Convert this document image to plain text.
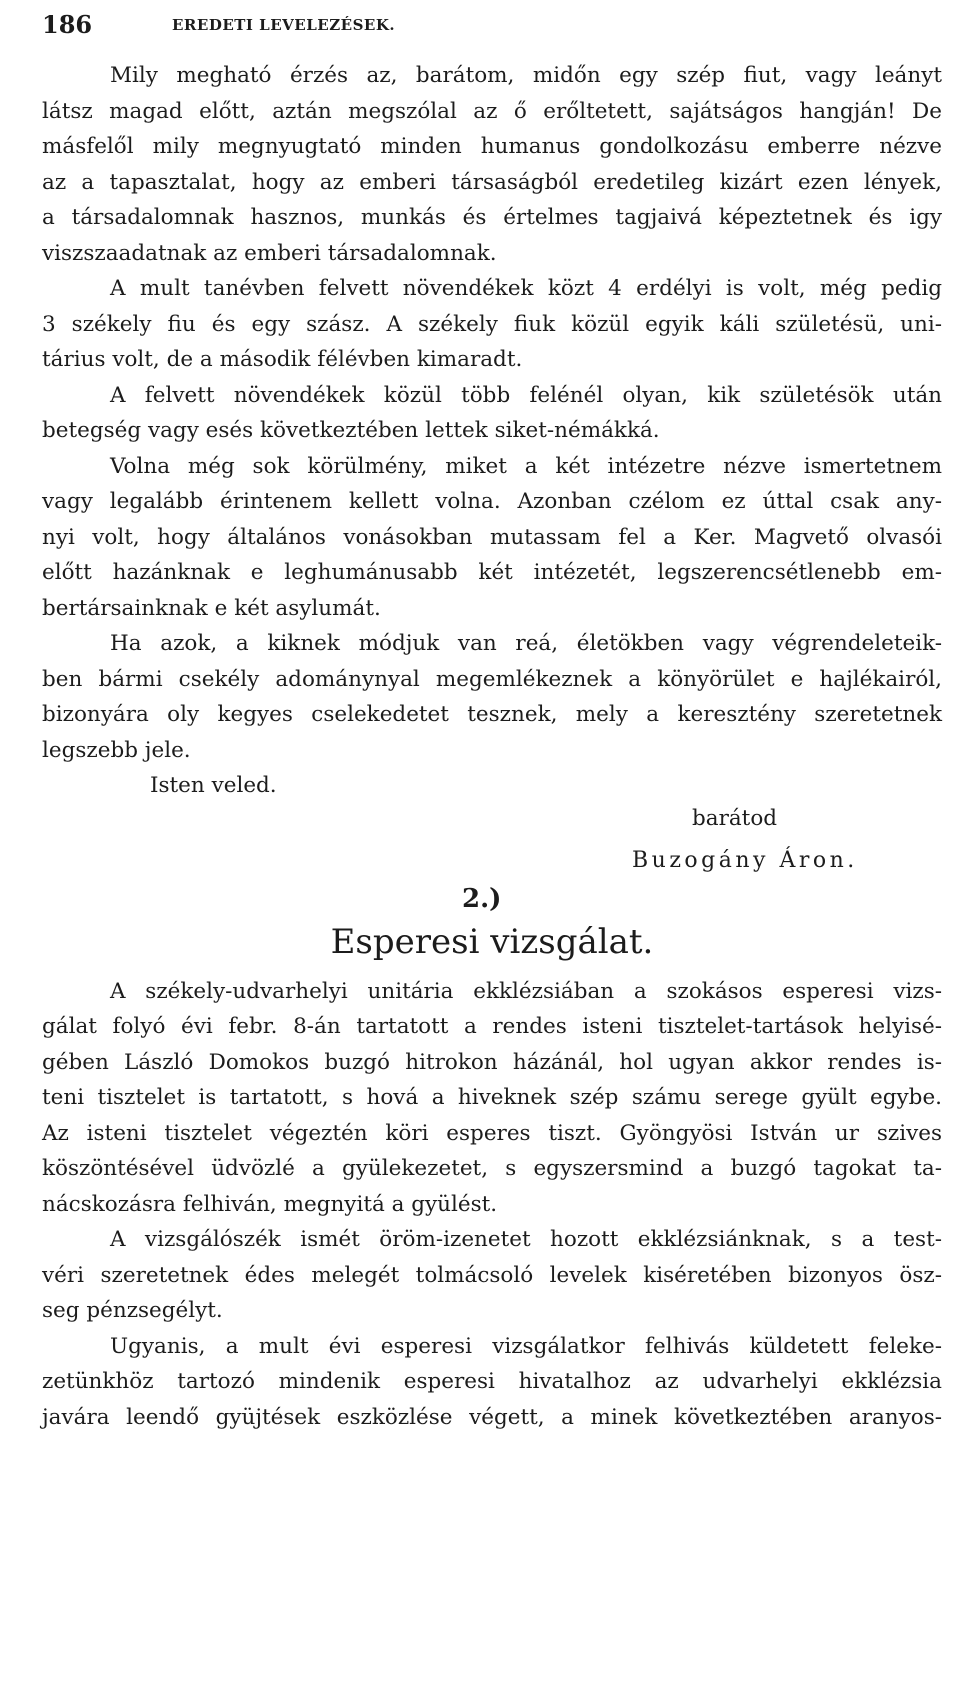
186	EREDETI LEVELEZÉSEK.
Mily megható érzés az, barátom, midőn egy szép fiut, vagy leányt
látsz magad előtt, aztán megszólal az ő erőltetett, sajátságos hangján! De
másfelől mily megnyugtató minden humanus gondolkozásu emberre nézve
az a tapasztalat, hogy az emberi társaságból eredetileg kizárt ezen lények,
a társadalomnak hasznos, munkás és értelmes tagjaivá képeztetnek és igy
viszszaadatnak az emberi társadalomnak.
A mult tanévben felvett növendékek közt 4 erdélyi is volt, még pedig
3 székely fiu és egy szász. A székely fiuk közül egyik káli születésü, uni-
tárius volt, de a második félévben kimaradt.
A felvett növendékek közül több felénél olyan, kik születésök után
betegség vagy esés következtében lettek siket-némákká.
Volna még sok körülmény, miket a két intézetre nézve ismertetnem
vagy legalább érintenem kellett volna. Azonban czélom ez úttal csak any-
nyi volt, hogy általános vonásokban mutassam fel a Ker. Magvető olvasói
előtt hazánknak e leghumánusabb két intézetét, legszerencsétlenebb em-
bertársainknak e két asylumát.
Ha azok, a kiknek módjuk van reá, életökben vagy végrendeleteik-
ben bármi csekély adománynyal megemlékeznek a könyörület e hajlékairól,
bizonyára oly kegyes cselekedetet tesznek, mely a keresztény szeretetnek
legszebb jele.
Isten veled.
barátod
Buzogány Áron.
2.)
Esperesi vizsgálat.
A székely-udvarhelyi unitária ekklézsiában a szokásos esperesi vizs-
gálat folyó évi febr. 8-án tartatott a rendes isteni tisztelet-tartások helyisé-
gében László Domokos buzgó hitrokon házánál, hol ugyan akkor rendes is-
teni tisztelet is tartatott, s hová a hiveknek szép számu serege gyült egybe.
Az isteni tisztelet végeztén köri esperes tiszt. Gyöngyösi István ur szives
köszöntésével üdvözlé a gyülekezetet, s egyszersmind a buzgó tagokat ta-
nácskozásra felhiván, megnyitá a gyülést.
A vizsgálószék ismét öröm-izenetet hozott ekklézsiánknak, s a test-
véri szeretetnek édes melegét tolmácsoló levelek kiséretében bizonyos ösz-
seg pénzsegélyt.
Ugyanis, a mult évi esperesi vizsgálatkor felhivás küldetett feleke-
zetünkhöz tartozó mindenik esperesi hivatalhoz az udvarhelyi ekklézsia
javára leendő gyüjtések eszközlése végett, a minek következtében aranyos-
